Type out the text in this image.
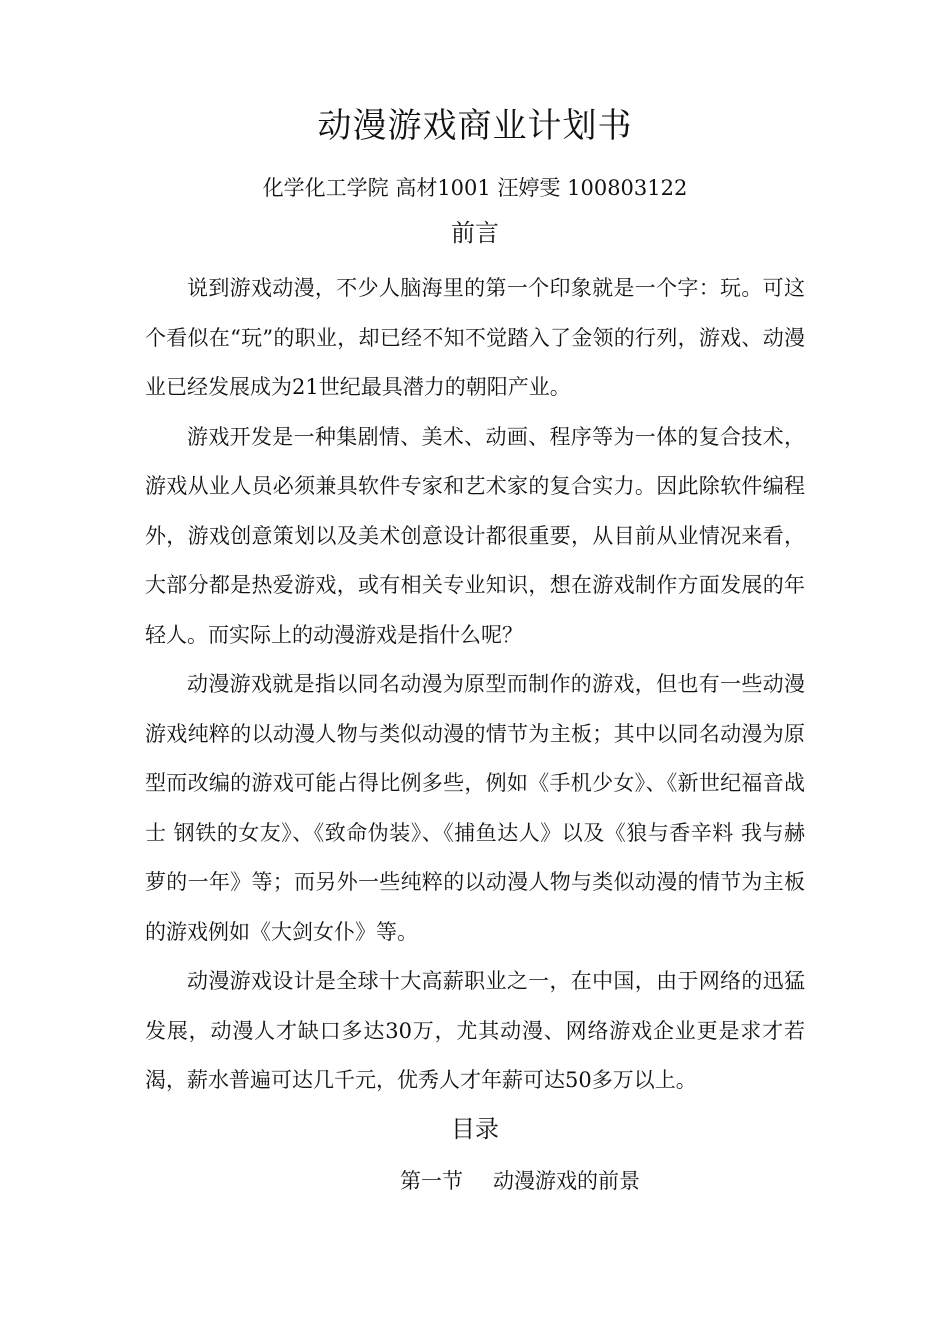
动漫游戏商业计划书
化学化工学院 高材1001 汪婷雯 100803122
前言

说到游戏动漫，不少人脑海里的第一个印象就是一个字：玩。可这个看似在“玩”的职业，却已经不知不觉踏入了金领的行列，游戏、动漫业已经发展成为21世纪最具潜力的朝阳产业。

游戏开发是一种集剧情、美术、动画、程序等为一体的复合技术，游戏从业人员必须兼具软件专家和艺术家的复合实力。因此除软件编程外，游戏创意策划以及美术创意设计都很重要，从目前从业情况来看，大部分都是热爱游戏，或有相关专业知识，想在游戏制作方面发展的年轻人。而实际上的动漫游戏是指什么呢？

动漫游戏就是指以同名动漫为原型而制作的游戏，但也有一些动漫游戏纯粹的以动漫人物与类似动漫的情节为主板；其中以同名动漫为原型而改编的游戏可能占得比例多些，例如《手机少女》、《新世纪福音战士 钢铁的女友》、《致命伪装》、《捕鱼达人》以及《狼与香辛料 我与赫萝的一年》等；而另外一些纯粹的以动漫人物与类似动漫的情节为主板的游戏例如《大剑女仆》等。

动漫游戏设计是全球十大高薪职业之一，在中国，由于网络的迅猛发展，动漫人才缺口多达30万，尤其动漫、网络游戏企业更是求才若渴，薪水普遍可达几千元，优秀人才年薪可达50多万以上。

目录
第一节 动漫游戏的前景
